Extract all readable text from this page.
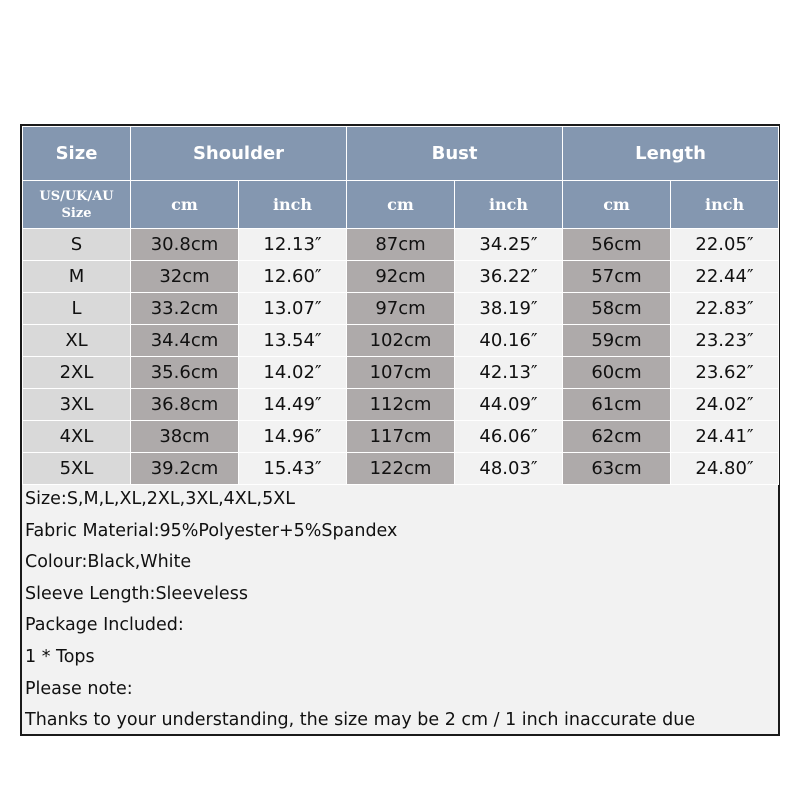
Size	Shoulder		Bust		Length	

US/UK/AU
Size	cm	inch	cm	inch	cm	inch
S	30.8cm	12.13″	87cm	34.25″	56cm	22.05″
M	32cm	12.60″	92cm	36.22″	57cm	22.44″
L	33.2cm	13.07″	97cm	38.19″	58cm	22.83″
XL	34.4cm	13.54″	102cm	40.16″	59cm	23.23″
2XL	35.6cm	14.02″	107cm	42.13″	60cm	23.62″
3XL	36.8cm	14.49″	112cm	44.09″	61cm	24.02″
4XL	38cm	14.96″	117cm	46.06″	62cm	24.41″
5XL	39.2cm	15.43″	122cm	48.03″	63cm	24.80″
Size:S,M,L,XL,2XL,3XL,4XL,5XL
Fabric Material:95%Polyester+5%Spandex
Colour:Black,White
Sleeve Length:Sleeveless
Package Included:
1 * Tops
Please note:
Thanks to your understanding, the size may be 2 cm / 1 inch inaccurate due
